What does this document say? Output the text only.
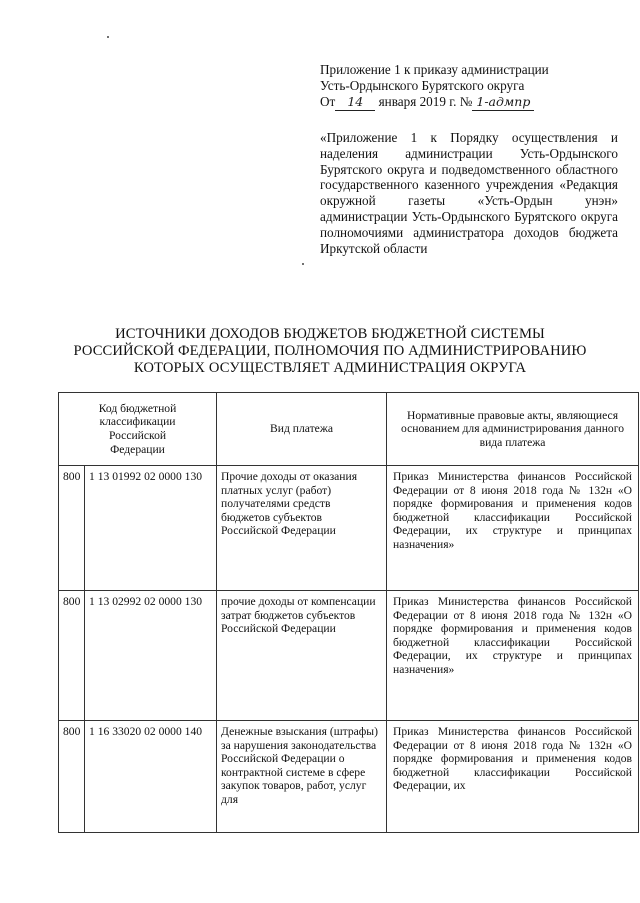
Приложение 1 к приказу администрации
Усть-Ордынского Бурятского округа
От 14 января 2019 г. № 1-адмпр
«Приложение 1 к Порядку осуществления и наделения администрации Усть-Ордынского Бурятского округа и подведомственного областного государственного казенного учреждения «Редакция окружной газеты «Усть-Ордын унэн» администрации Усть-Ордынского Бурятского округа полномочиями администратора доходов бюджета Иркутской области
ИСТОЧНИКИ ДОХОДОВ БЮДЖЕТОВ БЮДЖЕТНОЙ СИСТЕМЫ
РОССИЙСКОЙ ФЕДЕРАЦИИ, ПОЛНОМОЧИЯ ПО АДМИНИСТРИРОВАНИЮ
КОТОРЫХ ОСУЩЕСТВЛЯЕТ АДМИНИСТРАЦИЯ ОКРУГА
Код бюджетной классификации Российской Федерации		Вид платежа	Нормативные правовые акты, являющиеся основанием для администрирования данного вида платежа
800	1 13 01992 02 0000 130	Прочие доходы от оказания платных услуг (работ) получателями средств бюджетов субъектов Российской Федерации	Приказ Министерства финансов Российской Федерации от 8 июня 2018 года № 132н «О порядке формирования и применения кодов бюджетной классификации Российской Федерации, их структуре и принципах назначения»
800	1 13 02992 02 0000 130	прочие доходы от компенсации затрат бюджетов субъектов Российской Федерации	Приказ Министерства финансов Российской Федерации от 8 июня 2018 года № 132н «О порядке формирования и применения кодов бюджетной классификации Российской Федерации, их структуре и принципах назначения»
800	1 16 33020 02 0000 140	Денежные взыскания (штрафы) за нарушения законодательства Российской Федерации о контрактной системе в сфере закупок товаров, работ, услуг для	Приказ Министерства финансов Российской Федерации от 8 июня 2018 года № 132н «О порядке формирования и применения кодов бюджетной классификации Российской Федерации, их
